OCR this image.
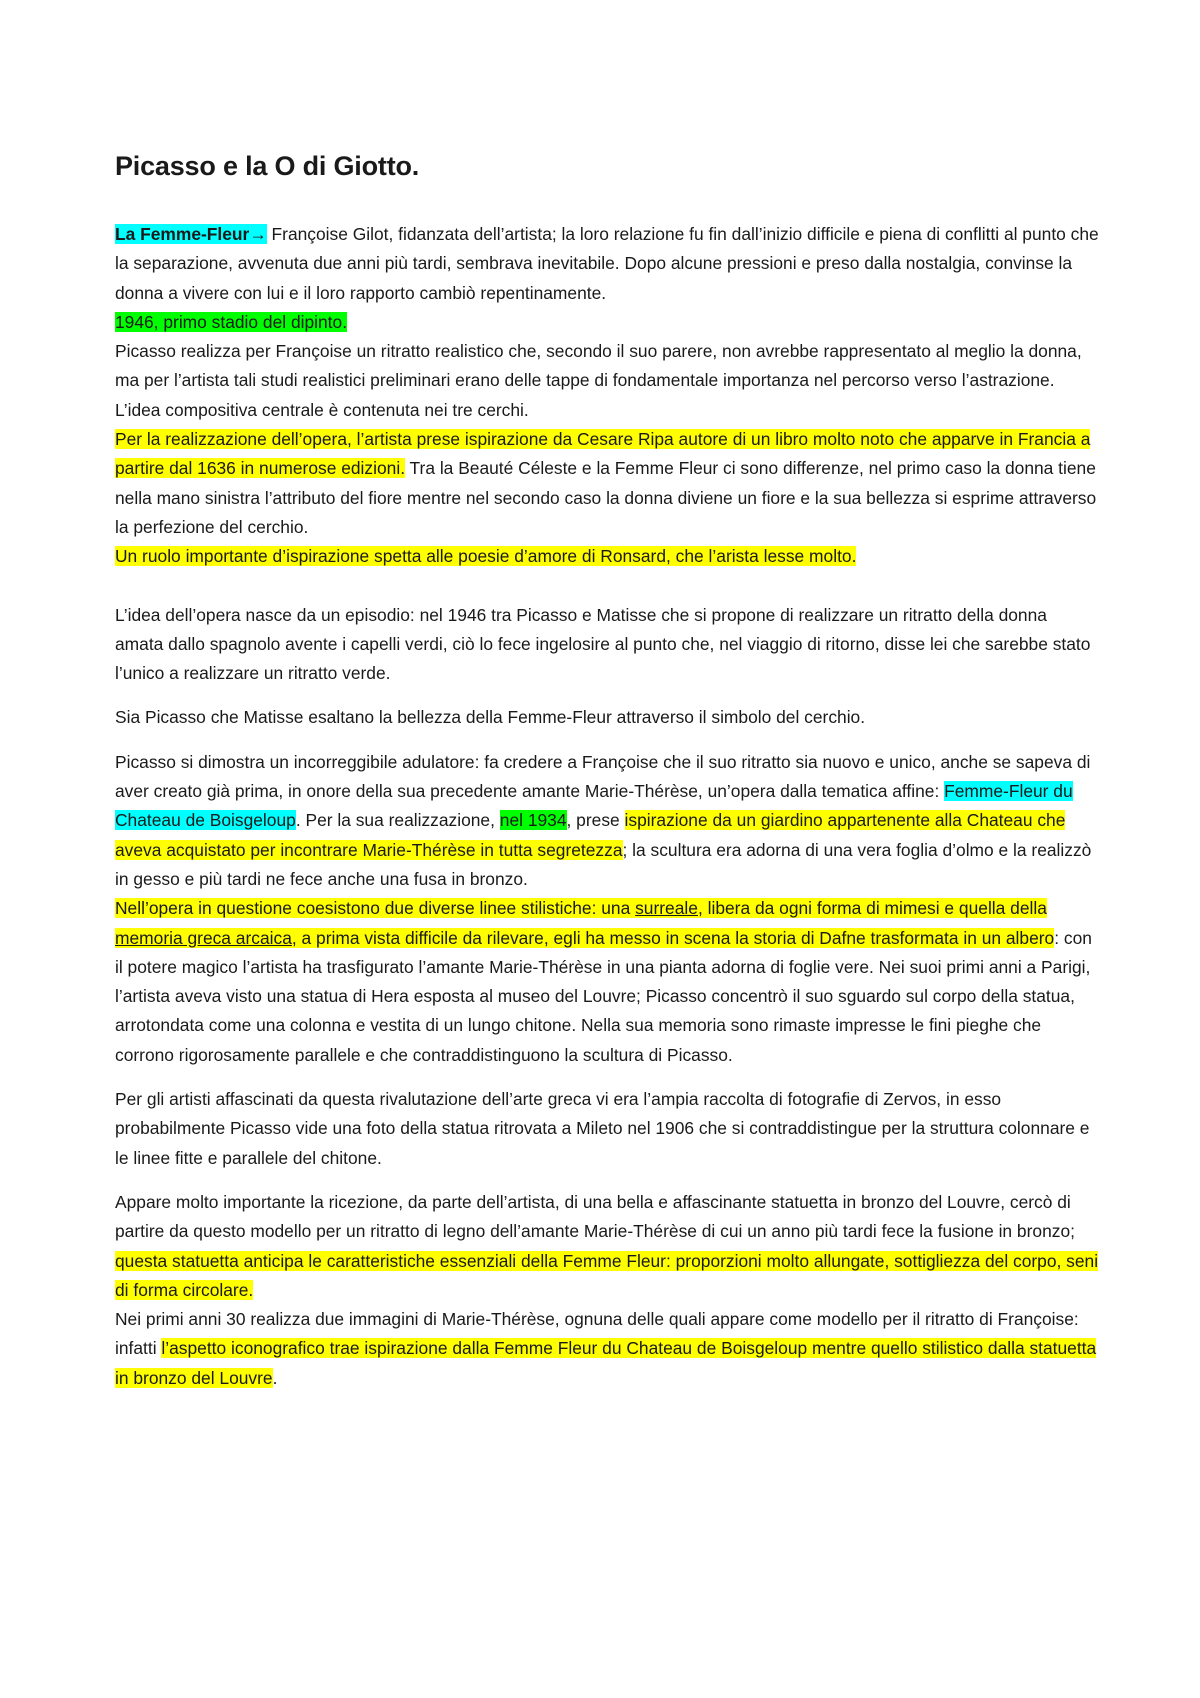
Picasso e la O di Giotto.

La Femme-Fleur→ Françoise Gilot, fidanzata dell’artista; la loro relazione fu fin dall’inizio difficile e piena di conflitti al punto che la separazione, avvenuta due anni più tardi, sembrava inevitabile. Dopo alcune pressioni e preso dalla nostalgia, convinse la donna a vivere con lui e il loro rapporto cambiò repentinamente.

1946, primo stadio del dipinto.

Picasso realizza per Françoise un ritratto realistico che, secondo il suo parere, non avrebbe rappresentato al meglio la donna, ma per l’artista tali studi realistici preliminari erano delle tappe di fondamentale importanza nel percorso verso l’astrazione. L’idea compositiva centrale è contenuta nei tre cerchi.

Per la realizzazione dell’opera, l’artista prese ispirazione da Cesare Ripa autore di un libro molto noto che apparve in Francia a partire dal 1636 in numerose edizioni. Tra la Beauté Céleste e la Femme Fleur ci sono differenze, nel primo caso la donna tiene nella mano sinistra l’attributo del fiore mentre nel secondo caso la donna diviene un fiore e la sua bellezza si esprime attraverso la perfezione del cerchio.

Un ruolo importante d’ispirazione spetta alle poesie d’amore di Ronsard, che l’arista lesse molto.

L’idea dell’opera nasce da un episodio: nel 1946 tra Picasso e Matisse che si propone di realizzare un ritratto della donna amata dallo spagnolo avente i capelli verdi, ciò lo fece ingelosire al punto che, nel viaggio di ritorno, disse lei che sarebbe stato l’unico a realizzare un ritratto verde.

Sia Picasso che Matisse esaltano la bellezza della Femme-Fleur attraverso il simbolo del cerchio.

Picasso si dimostra un incorreggibile adulatore: fa credere a Françoise che il suo ritratto sia nuovo e unico, anche se sapeva di aver creato già prima, in onore della sua precedente amante Marie-Thérèse, un’opera dalla tematica affine: Femme-Fleur du Chateau de Boisgeloup. Per la sua realizzazione, nel 1934, prese ispirazione da un giardino appartenente alla Chateau che aveva acquistato per incontrare Marie-Thérèse in tutta segretezza; la scultura era adorna di una vera foglia d’olmo e la realizzò in gesso e più tardi ne fece anche una fusa in bronzo.

Nell’opera in questione coesistono due diverse linee stilistiche: una surreale, libera da ogni forma di mimesi e quella della memoria greca arcaica, a prima vista difficile da rilevare, egli ha messo in scena la storia di Dafne trasformata in un albero: con il potere magico l’artista ha trasfigurato l’amante Marie-Thérèse in una pianta adorna di foglie vere. Nei suoi primi anni a Parigi, l’artista aveva visto una statua di Hera esposta al museo del Louvre; Picasso concentrò il suo sguardo sul corpo della statua, arrotondata come una colonna e vestita di un lungo chitone. Nella sua memoria sono rimaste impresse le fini pieghe che corrono rigorosamente parallele e che contraddistinguono la scultura di Picasso.

Per gli artisti affascinati da questa rivalutazione dell’arte greca vi era l’ampia raccolta di fotografie di Zervos, in esso probabilmente Picasso vide una foto della statua ritrovata a Mileto nel 1906 che si contraddistingue per la struttura colonnare e le linee fitte e parallele del chitone.

Appare molto importante la ricezione, da parte dell’artista, di una bella e affascinante statuetta in bronzo del Louvre, cercò di partire da questo modello per un ritratto di legno dell’amante Marie-Thérèse di cui un anno più tardi fece la fusione in bronzo; questa statuetta anticipa le caratteristiche essenziali della Femme Fleur: proporzioni molto allungate, sottigliezza del corpo, seni di forma circolare.

Nei primi anni 30 realizza due immagini di Marie-Thérèse, ognuna delle quali appare come modello per il ritratto di Françoise: infatti l’aspetto iconografico trae ispirazione dalla Femme Fleur du Chateau de Boisgeloup mentre quello stilistico dalla statuetta in bronzo del Louvre.
